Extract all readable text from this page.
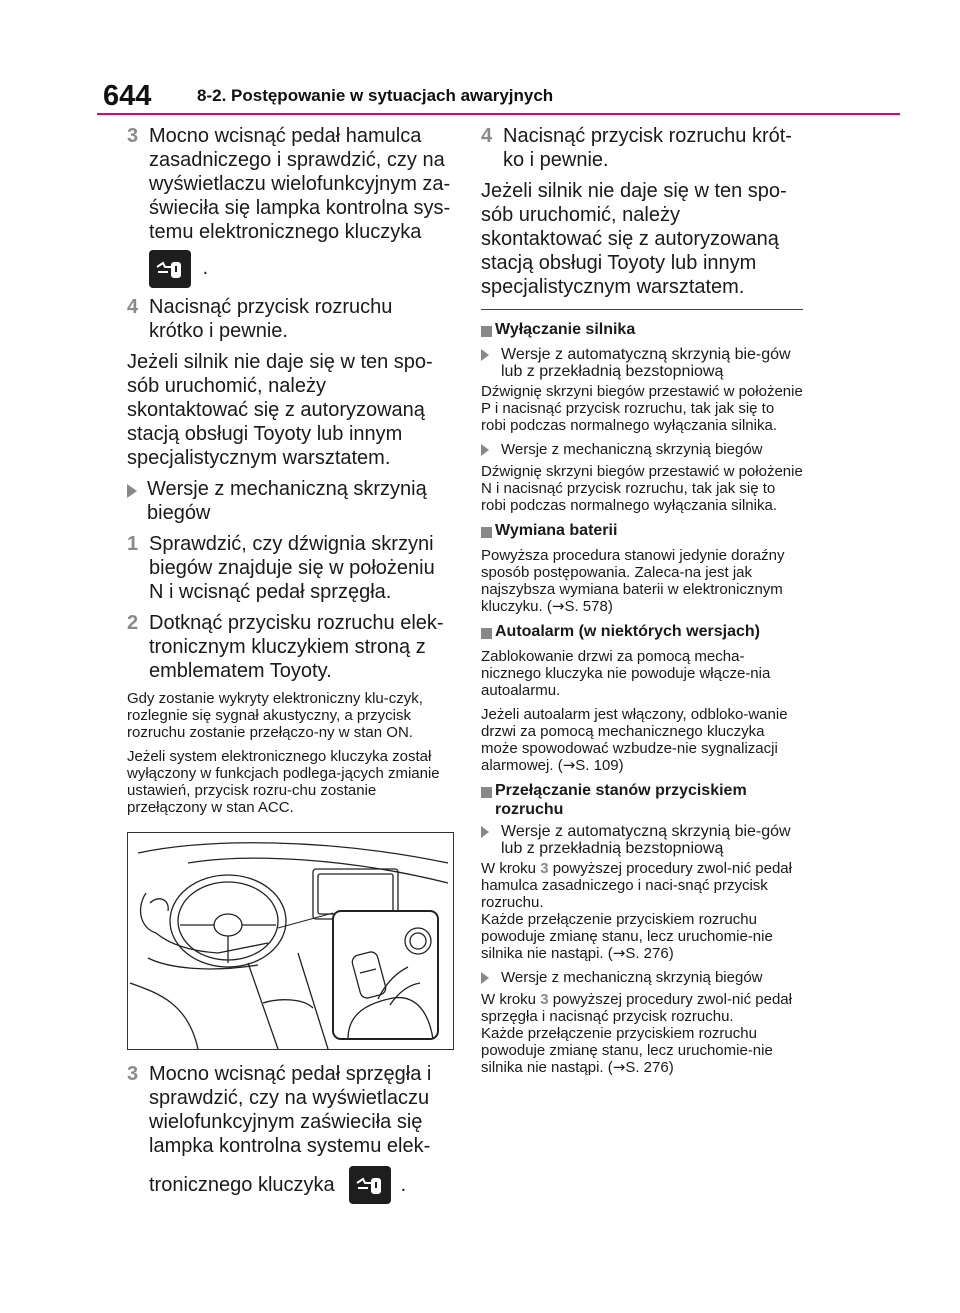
644	8-2. Postępowanie w sytuacjach awaryjnych
3 Mocno wcisnąć pedał hamulca zasadniczego i sprawdzić, czy na wyświetlaczu wielofunkcyjnym za-świeciła się lampka kontrolna sys-temu elektronicznego kluczyka
.
4 Nacisnąć przycisk rozruchu krótko i pewnie.
Jeżeli silnik nie daje się w ten spo-sób uruchomić, należy skontaktować się z autoryzowaną stacją obsługi Toyoty lub innym specjalistycznym warsztatem.
Wersje z mechaniczną skrzynią biegów
1 Sprawdzić, czy dźwignia skrzyni biegów znajduje się w położeniu N i wcisnąć pedał sprzęgła.
2 Dotknąć przycisku rozruchu elek-tronicznym kluczykiem stroną z emblematem Toyoty.
Gdy zostanie wykryty elektroniczny klu-czyk, rozlegnie się sygnał akustyczny, a przycisk rozruchu zostanie przełączo-ny w stan ON.
Jeżeli system elektronicznego kluczyka został wyłączony w funkcjach podlega-jących zmianie ustawień, przycisk rozru-chu zostanie przełączony w stan ACC.
3 Mocno wcisnąć pedał sprzęgła i sprawdzić, czy na wyświetlaczu wielofunkcyjnym zaświeciła się lampka kontrolna systemu elek-
tronicznego kluczyka	.
4 Nacisnąć przycisk rozruchu krót-ko i pewnie.
Jeżeli silnik nie daje się w ten spo-sób uruchomić, należy skontaktować się z autoryzowaną stacją obsługi Toyoty lub innym specjalistycznym warsztatem.
Wyłączanie silnika
Wersje z automatyczną skrzynią bie-gów lub z przekładnią bezstopniową
Dźwignię skrzyni biegów przestawić w położenie P i nacisnąć przycisk rozruchu, tak jak się to robi podczas normalnego wyłączania silnika.
Wersje z mechaniczną skrzynią biegów
Dźwignię skrzyni biegów przestawić w położenie N i nacisnąć przycisk rozruchu, tak jak się to robi podczas normalnego wyłączania silnika.
Wymiana baterii
Powyższa procedura stanowi jedynie doraźny sposób postępowania. Zaleca-na jest jak najszybsza wymiana baterii w elektronicznym kluczyku. (→S. 578)
Autoalarm (w niektórych wersjach)
Zablokowanie drzwi za pomocą mecha-nicznego kluczyka nie powoduje włącze-nia autoalarmu.
Jeżeli autoalarm jest włączony, odbloko-wanie drzwi za pomocą mechanicznego kluczyka może spowodować wzbudze-nie sygnalizacji alarmowej. (→S. 109)
Przełączanie stanów przyciskiem rozruchu
Wersje z automatyczną skrzynią bie-gów lub z przekładnią bezstopniową
W kroku 3 powyższej procedury zwol-nić pedał hamulca zasadniczego i naci-snąć przycisk rozruchu.
Każde przełączenie przyciskiem rozruchu powoduje zmianę stanu, lecz uruchomie-nie silnika nie nastąpi. (→S. 276)
Wersje z mechaniczną skrzynią biegów
W kroku 3 powyższej procedury zwol-nić pedał sprzęgła i nacisnąć przycisk rozruchu.
Każde przełączenie przyciskiem rozruchu powoduje zmianę stanu, lecz uruchomie-nie silnika nie nastąpi. (→S. 276)
